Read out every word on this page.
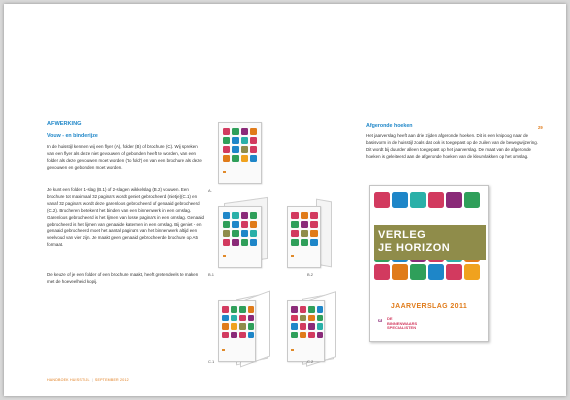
29
AFWERKING
Vouw - en binderijze

In de huisstijl kennen wij een flyer (A), folder (B) of brochure (C). Wij spreken van een flyer als deze niet gevouwen of gebonden heeft te worden, van een folder als deze gevouwen moet worden ('to fold') en van een brochure als deze gevouwen en gebonden moet worden.

Je kunt een folder 1-slag (B.1) of 2-slagen wikkelslag (B.2) vouwen. Een brochure tot maximaal 32 pagina's wordt geniet gebrocheerd (nietje)(C.1) en vanaf 32 pagina's wordt deze garenloos gebrocheerd of genaaid gebrocheerd (C.2). Brocheren betekent het binden van een binnenwerk in een omslag. Garenloos gebrocheerd is het lijmen van losse pagina's in een omslag. Genaaid gebrocheerd is het lijmen van genaaide katernen in een omslag. Bij geniet - en genaaid gebrocheerd moet het aantal pagina's van het binnenwerk altijd een veelvoud van vier zijn. Je maakt geen genaaid gebrocheerde brochure op A5 formaat.

De keuze of je een folder of een brochure maakt, heeft gretendeels te maken met de hoeveelheid kopij.

A.
B.1	B.2
C.1	C.2
Afgeronde hoeken

Het jaarverslag heeft aan drie zijden afgeronde hoeken. Dit is een knipoog naar de basisvorm in de huisstijl zoals dat ook is toegepast op de zuilen van de bewegwijzering. Dit wordt bij duurder alleen toegepast op het jaarverslag. De maat van de afgeronde hoeken is geleiteerd aan de afgeronde hoeken van de kleurvlakken op het omslag.

VERLEG
JE HORIZON
JAARVERSLAG 2011
ω DE
BINNENWAARS
SPECIALISTEN
HANDBOEK HUISSTIJL | SEPTEMBER 2012
